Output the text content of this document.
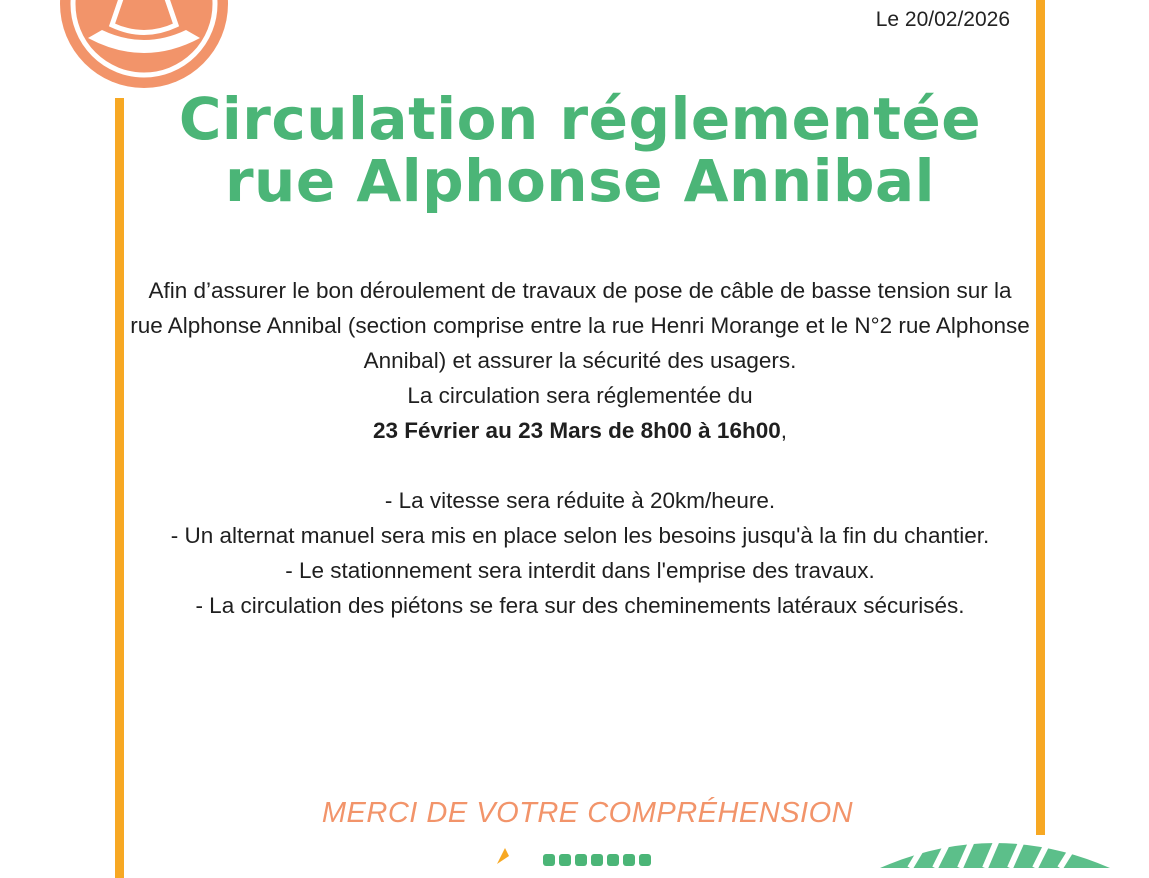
Le 20/02/2026
Circulation réglementée
rue Alphonse Annibal

Afin d’assurer le bon déroulement de travaux de pose de câble de basse tension sur la rue Alphonse Annibal (section comprise entre la rue Henri Morange et le N°2 rue Alphonse Annibal) et assurer la sécurité des usagers.

La circulation sera réglementée du

23 Février au 23 Mars de 8h00 à 16h00,

- La vitesse sera réduite à 20km/heure.

- Un alternat manuel sera mis en place selon les besoins jusqu'à la fin du chantier.

- Le stationnement sera interdit dans l'emprise des travaux.

- La circulation des piétons se fera sur des cheminements latéraux sécurisés.

MERCI DE VOTRE COMPRÉHENSION
